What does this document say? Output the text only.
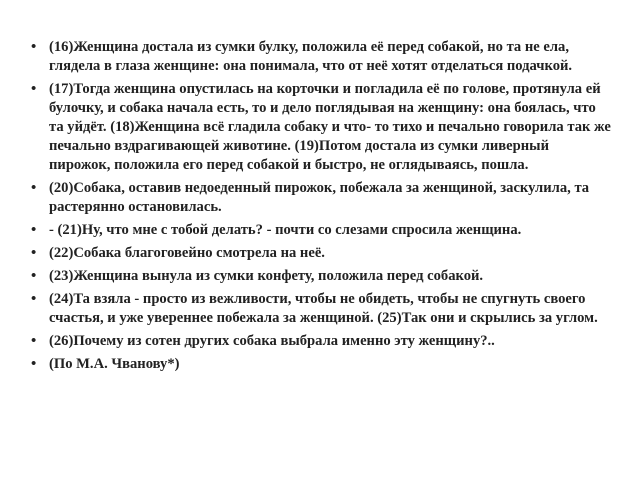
• (16)Женщина достала из сумки булку, положила её перед собакой, но та не ела, глядела в глаза женщине: она понимала, что от неё хотят отделаться подачкой.
• (17)Тогда женщина опустилась на корточки и погладила её по голове, протянула ей булочку, и собака начала есть, то и дело поглядывая на женщину: она боялась, что та уйдёт. (18)Женщина всё гладила собаку и что- то тихо и печально говорила так же печально вздрагивающей животине. (19)Потом достала из сумки ливерный пирожок, положила его перед собакой и быстро, не оглядываясь, пошла.
• (20)Собака, оставив недоеденный пирожок, побежала за женщиной, заскулила, та растерянно остановилась.
• - (21)Ну, что мне с тобой делать? - почти со слезами спросила женщина.
• (22)Собака благоговейно смотрела на неё.
• (23)Женщина вынула из сумки конфету, положила перед собакой.
• (24)Та взяла - просто из вежливости, чтобы не обидеть, чтобы не спугнуть своего счастья, и уже увереннее побежала за женщиной. (25)Так они и скрылись за углом.
• (26)Почему из сотен других собака выбрала именно эту женщину?..
• (По М.А. Чванову*)
